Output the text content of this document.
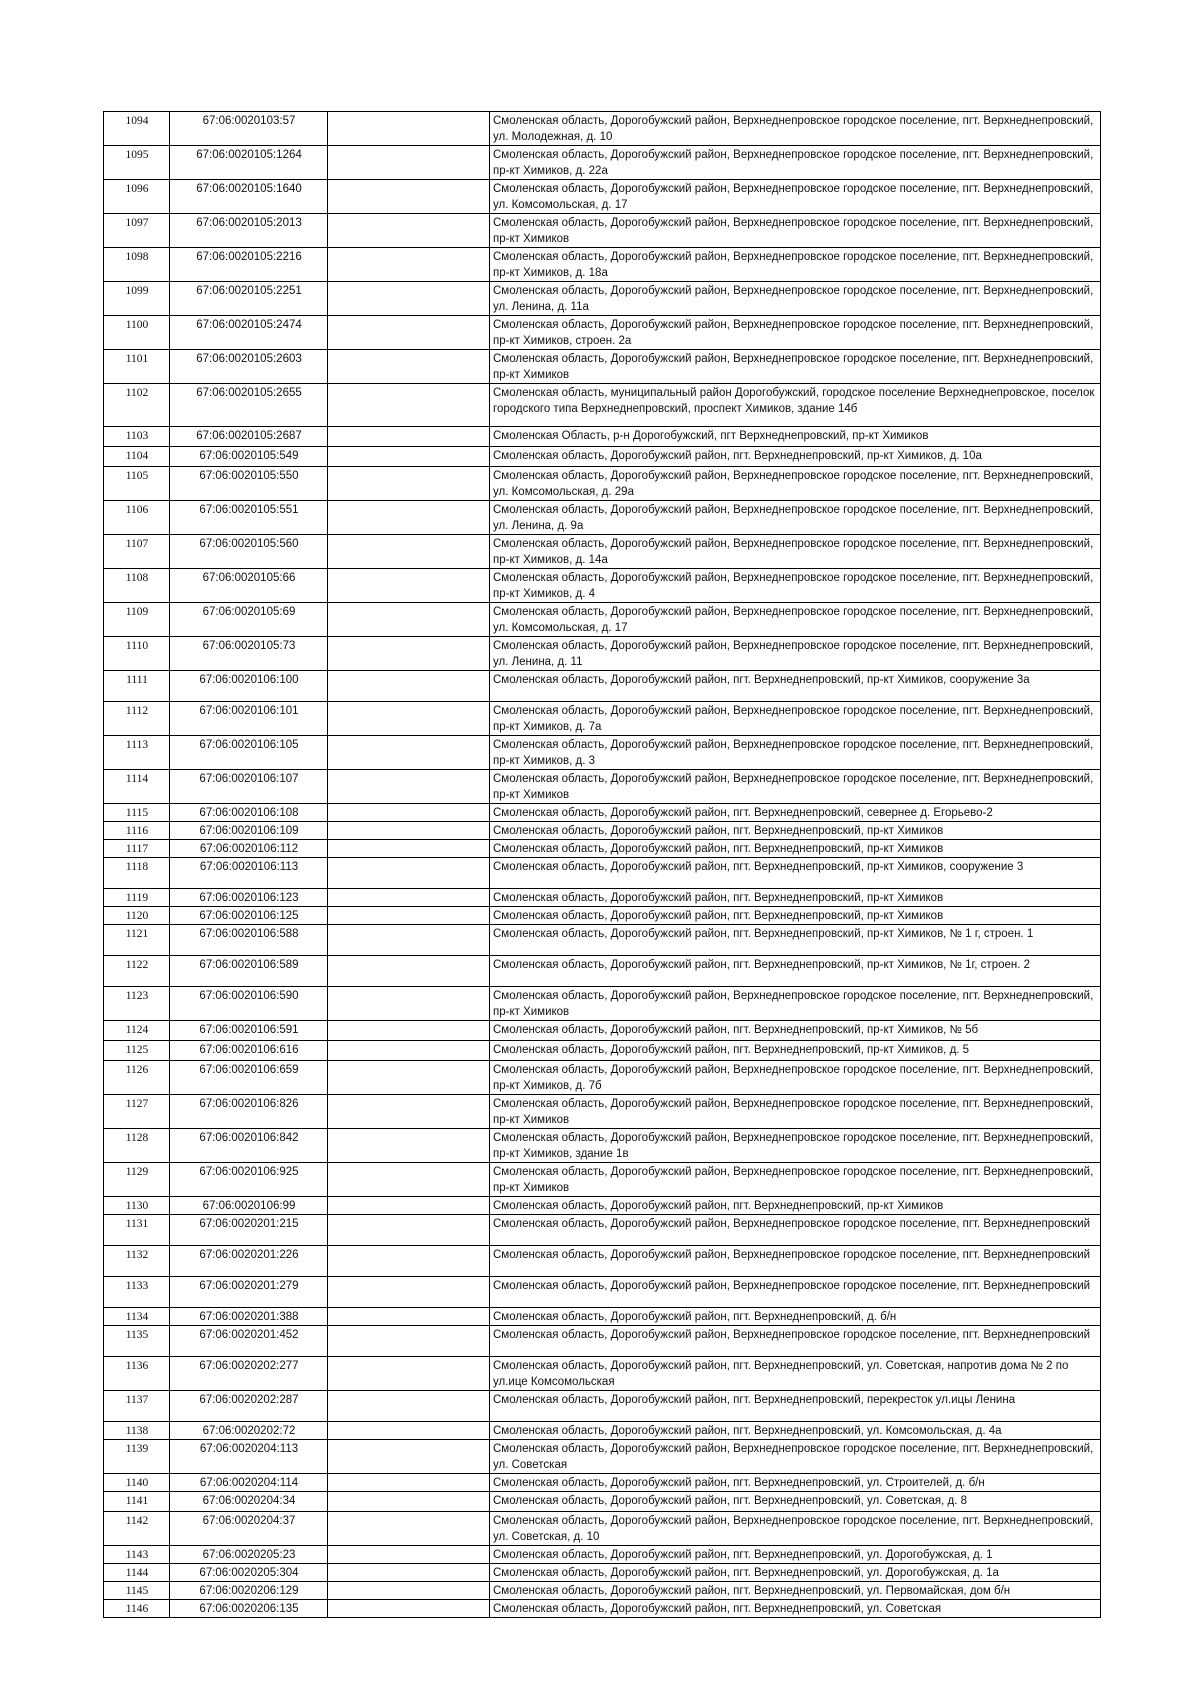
1094	67:06:0020103:57		Смоленская область, Дорогобужский район, Верхнеднепровское городское поселение, пгт. Верхнеднепровский, ул. Молодежная, д. 10
1095	67:06:0020105:1264		Смоленская область, Дорогобужский район, Верхнеднепровское городское поселение, пгт. Верхнеднепровский, пр-кт Химиков, д. 22а
1096	67:06:0020105:1640		Смоленская область, Дорогобужский район, Верхнеднепровское городское поселение, пгт. Верхнеднепровский, ул. Комсомольская, д. 17
1097	67:06:0020105:2013		Смоленская область, Дорогобужский район, Верхнеднепровское городское поселение, пгт. Верхнеднепровский, пр-кт Химиков
1098	67:06:0020105:2216		Смоленская область, Дорогобужский район, Верхнеднепровское городское поселение, пгт. Верхнеднепровский, пр-кт Химиков, д. 18а
1099	67:06:0020105:2251		Смоленская область, Дорогобужский район, Верхнеднепровское городское поселение, пгт. Верхнеднепровский, ул. Ленина, д. 11а
1100	67:06:0020105:2474		Смоленская область, Дорогобужский район, Верхнеднепровское городское поселение, пгт. Верхнеднепровский, пр-кт Химиков, строен. 2а
1101	67:06:0020105:2603		Смоленская область, Дорогобужский район, Верхнеднепровское городское поселение, пгт. Верхнеднепровский, пр-кт Химиков
1102	67:06:0020105:2655		Смоленская область, муниципальный район Дорогобужский, городское поселение Верхнеднепровское, поселок городского типа Верхнеднепровский, проспект Химиков, здание 14б
1103	67:06:0020105:2687		Смоленская Область, р-н Дорогобужский, пгт Верхнеднепровский, пр-кт Химиков
1104	67:06:0020105:549		Смоленская область, Дорогобужский район, пгт. Верхнеднепровский, пр-кт Химиков, д. 10а
1105	67:06:0020105:550		Смоленская область, Дорогобужский район, Верхнеднепровское городское поселение, пгт. Верхнеднепровский, ул. Комсомольская, д. 29а
1106	67:06:0020105:551		Смоленская область, Дорогобужский район, Верхнеднепровское городское поселение, пгт. Верхнеднепровский, ул. Ленина, д. 9а
1107	67:06:0020105:560		Смоленская область, Дорогобужский район, Верхнеднепровское городское поселение, пгт. Верхнеднепровский, пр-кт Химиков, д. 14а
1108	67:06:0020105:66		Смоленская область, Дорогобужский район, Верхнеднепровское городское поселение, пгт. Верхнеднепровский, пр-кт Химиков, д. 4
1109	67:06:0020105:69		Смоленская область, Дорогобужский район, Верхнеднепровское городское поселение, пгт. Верхнеднепровский, ул. Комсомольская, д. 17
1110	67:06:0020105:73		Смоленская область, Дорогобужский район, Верхнеднепровское городское поселение, пгт. Верхнеднепровский, ул. Ленина, д. 11
1111	67:06:0020106:100		Смоленская область, Дорогобужский район, пгт. Верхнеднепровский, пр-кт Химиков, сооружение 3а
1112	67:06:0020106:101		Смоленская область, Дорогобужский район, Верхнеднепровское городское поселение, пгт. Верхнеднепровский, пр-кт Химиков, д. 7а
1113	67:06:0020106:105		Смоленская область, Дорогобужский район, Верхнеднепровское городское поселение, пгт. Верхнеднепровский, пр-кт Химиков, д. 3
1114	67:06:0020106:107		Смоленская область, Дорогобужский район, Верхнеднепровское городское поселение, пгт. Верхнеднепровский, пр-кт Химиков
1115	67:06:0020106:108		Смоленская область, Дорогобужский район, пгт. Верхнеднепровский, севернее д. Егорьево-2
1116	67:06:0020106:109		Смоленская область, Дорогобужский район, пгт. Верхнеднепровский, пр-кт Химиков
1117	67:06:0020106:112		Смоленская область, Дорогобужский район, пгт. Верхнеднепровский, пр-кт Химиков
1118	67:06:0020106:113		Смоленская область, Дорогобужский район, пгт. Верхнеднепровский, пр-кт Химиков, сооружение 3
1119	67:06:0020106:123		Смоленская область, Дорогобужский район, пгт. Верхнеднепровский, пр-кт Химиков
1120	67:06:0020106:125		Смоленская область, Дорогобужский район, пгт. Верхнеднепровский, пр-кт Химиков
1121	67:06:0020106:588		Смоленская область, Дорогобужский район, пгт. Верхнеднепровский, пр-кт Химиков, № 1 г, строен. 1
1122	67:06:0020106:589		Смоленская область, Дорогобужский район, пгт. Верхнеднепровский, пр-кт Химиков, № 1г, строен. 2
1123	67:06:0020106:590		Смоленская область, Дорогобужский район, Верхнеднепровское городское поселение, пгт. Верхнеднепровский, пр-кт Химиков
1124	67:06:0020106:591		Смоленская область, Дорогобужский район, пгт. Верхнеднепровский, пр-кт Химиков, № 5б
1125	67:06:0020106:616		Смоленская область, Дорогобужский район, пгт. Верхнеднепровский, пр-кт Химиков, д. 5
1126	67:06:0020106:659		Смоленская область, Дорогобужский район, Верхнеднепровское городское поселение, пгт. Верхнеднепровский, пр-кт Химиков, д. 7б
1127	67:06:0020106:826		Смоленская область, Дорогобужский район, Верхнеднепровское городское поселение, пгт. Верхнеднепровский, пр-кт Химиков
1128	67:06:0020106:842		Смоленская область, Дорогобужский район, Верхнеднепровское городское поселение, пгт. Верхнеднепровский, пр-кт Химиков, здание 1в
1129	67:06:0020106:925		Смоленская область, Дорогобужский район, Верхнеднепровское городское поселение, пгт. Верхнеднепровский, пр-кт Химиков
1130	67:06:0020106:99		Смоленская область, Дорогобужский район, пгт. Верхнеднепровский, пр-кт Химиков
1131	67:06:0020201:215		Смоленская область, Дорогобужский район, Верхнеднепровское городское поселение, пгт. Верхнеднепровский
1132	67:06:0020201:226		Смоленская область, Дорогобужский район, Верхнеднепровское городское поселение, пгт. Верхнеднепровский
1133	67:06:0020201:279		Смоленская область, Дорогобужский район, Верхнеднепровское городское поселение, пгт. Верхнеднепровский
1134	67:06:0020201:388		Смоленская область, Дорогобужский район, пгт. Верхнеднепровский, д. б/н
1135	67:06:0020201:452		Смоленская область, Дорогобужский район, Верхнеднепровское городское поселение, пгт. Верхнеднепровский
1136	67:06:0020202:277		Смоленская область, Дорогобужский район, пгт. Верхнеднепровский, ул. Советская, напротив дома № 2 по ул.ице Комсомольская
1137	67:06:0020202:287		Смоленская область, Дорогобужский район, пгт. Верхнеднепровский, перекресток ул.ицы Ленина
1138	67:06:0020202:72		Смоленская область, Дорогобужский район, пгт. Верхнеднепровский, ул. Комсомольская, д. 4а
1139	67:06:0020204:113		Смоленская область, Дорогобужский район, Верхнеднепровское городское поселение, пгт. Верхнеднепровский, ул. Советская
1140	67:06:0020204:114		Смоленская область, Дорогобужский район, пгт. Верхнеднепровский, ул. Строителей, д. б/н
1141	67:06:0020204:34		Смоленская область, Дорогобужский район, пгт. Верхнеднепровский, ул. Советская, д. 8
1142	67:06:0020204:37		Смоленская область, Дорогобужский район, Верхнеднепровское городское поселение, пгт. Верхнеднепровский, ул. Советская, д. 10
1143	67:06:0020205:23		Смоленская область, Дорогобужский район, пгт. Верхнеднепровский, ул. Дорогобужская, д. 1
1144	67:06:0020205:304		Смоленская область, Дорогобужский район, пгт. Верхнеднепровский, ул. Дорогобужская, д. 1а
1145	67:06:0020206:129		Смоленская область, Дорогобужский район, пгт. Верхнеднепровский, ул. Первомайская, дом б/н
1146	67:06:0020206:135		Смоленская область, Дорогобужский район, пгт. Верхнеднепровский, ул. Советская
